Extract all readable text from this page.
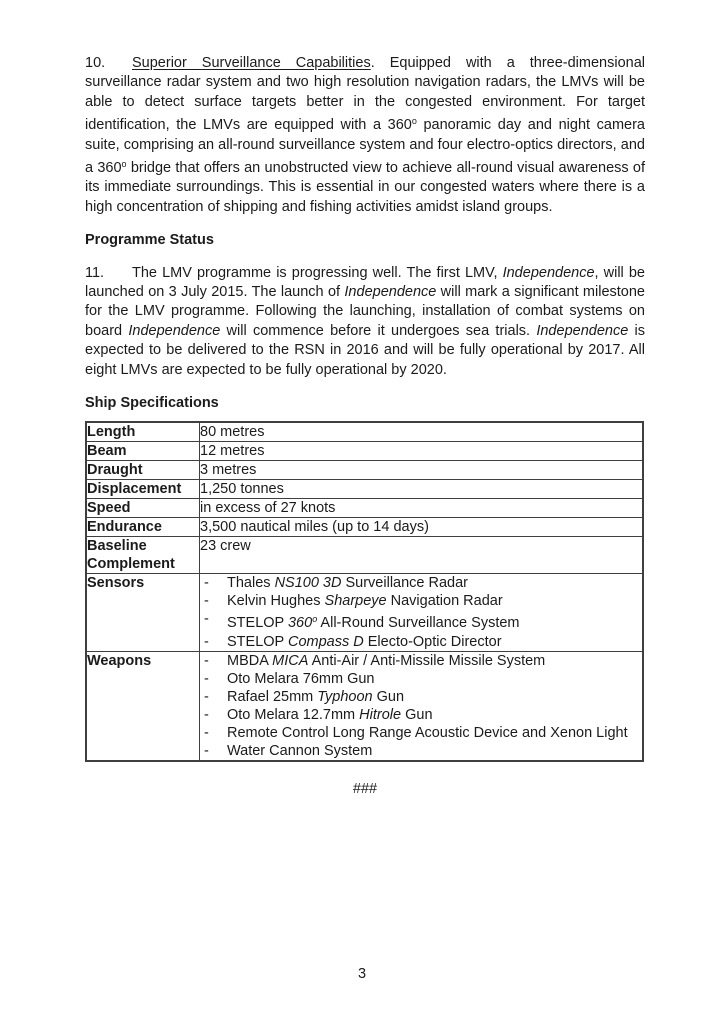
10. Superior Surveillance Capabilities. Equipped with a three-dimensional surveillance radar system and two high resolution navigation radars, the LMVs will be able to detect surface targets better in the congested environment. For target identification, the LMVs are equipped with a 360$^o$ panoramic day and night camera suite, comprising an all-round surveillance system and four electro-optics directors, and a 360$^o$ bridge that offers an unobstructed view to achieve all-round visual awareness of its immediate surroundings. This is essential in our congested waters where there is a high concentration of shipping and fishing activities amidst island groups.

Programme Status

11. The LMV programme is progressing well. The first LMV, Independence, will be launched on 3 July 2015. The launch of Independence will mark a significant milestone for the LMV programme. Following the launching, installation of combat systems on board Independence will commence before it undergoes sea trials. Independence is expected to be delivered to the RSN in 2016 and will be fully operational by 2017. All eight LMVs are expected to be fully operational by 2020.

Ship Specifications
Length	80 metres
Beam	12 metres
Draught	3 metres
Displacement	1,250 tonnes
Speed	in excess of 27 knots
Endurance	3,500 nautical miles (up to 14 days)
Baseline Complement	23 crew
Sensors	-	Thales NS100 3D Surveillance Radar
-	Kelvin Hughes Sharpeye Navigation Radar
-	STELOP 360$^o$ All-Round Surveillance System
-	STELOP Compass D Electo-Optic Director

Weapons	-	MBDA MICA Anti-Air / Anti-Missile Missile System
-	Oto Melara 76mm Gun
-	Rafael 25mm Typhoon Gun
-	Oto Melara 12.7mm Hitrole Gun
-	Remote Control Long Range Acoustic Device and Xenon Light
-	Water Cannon System
###
3
